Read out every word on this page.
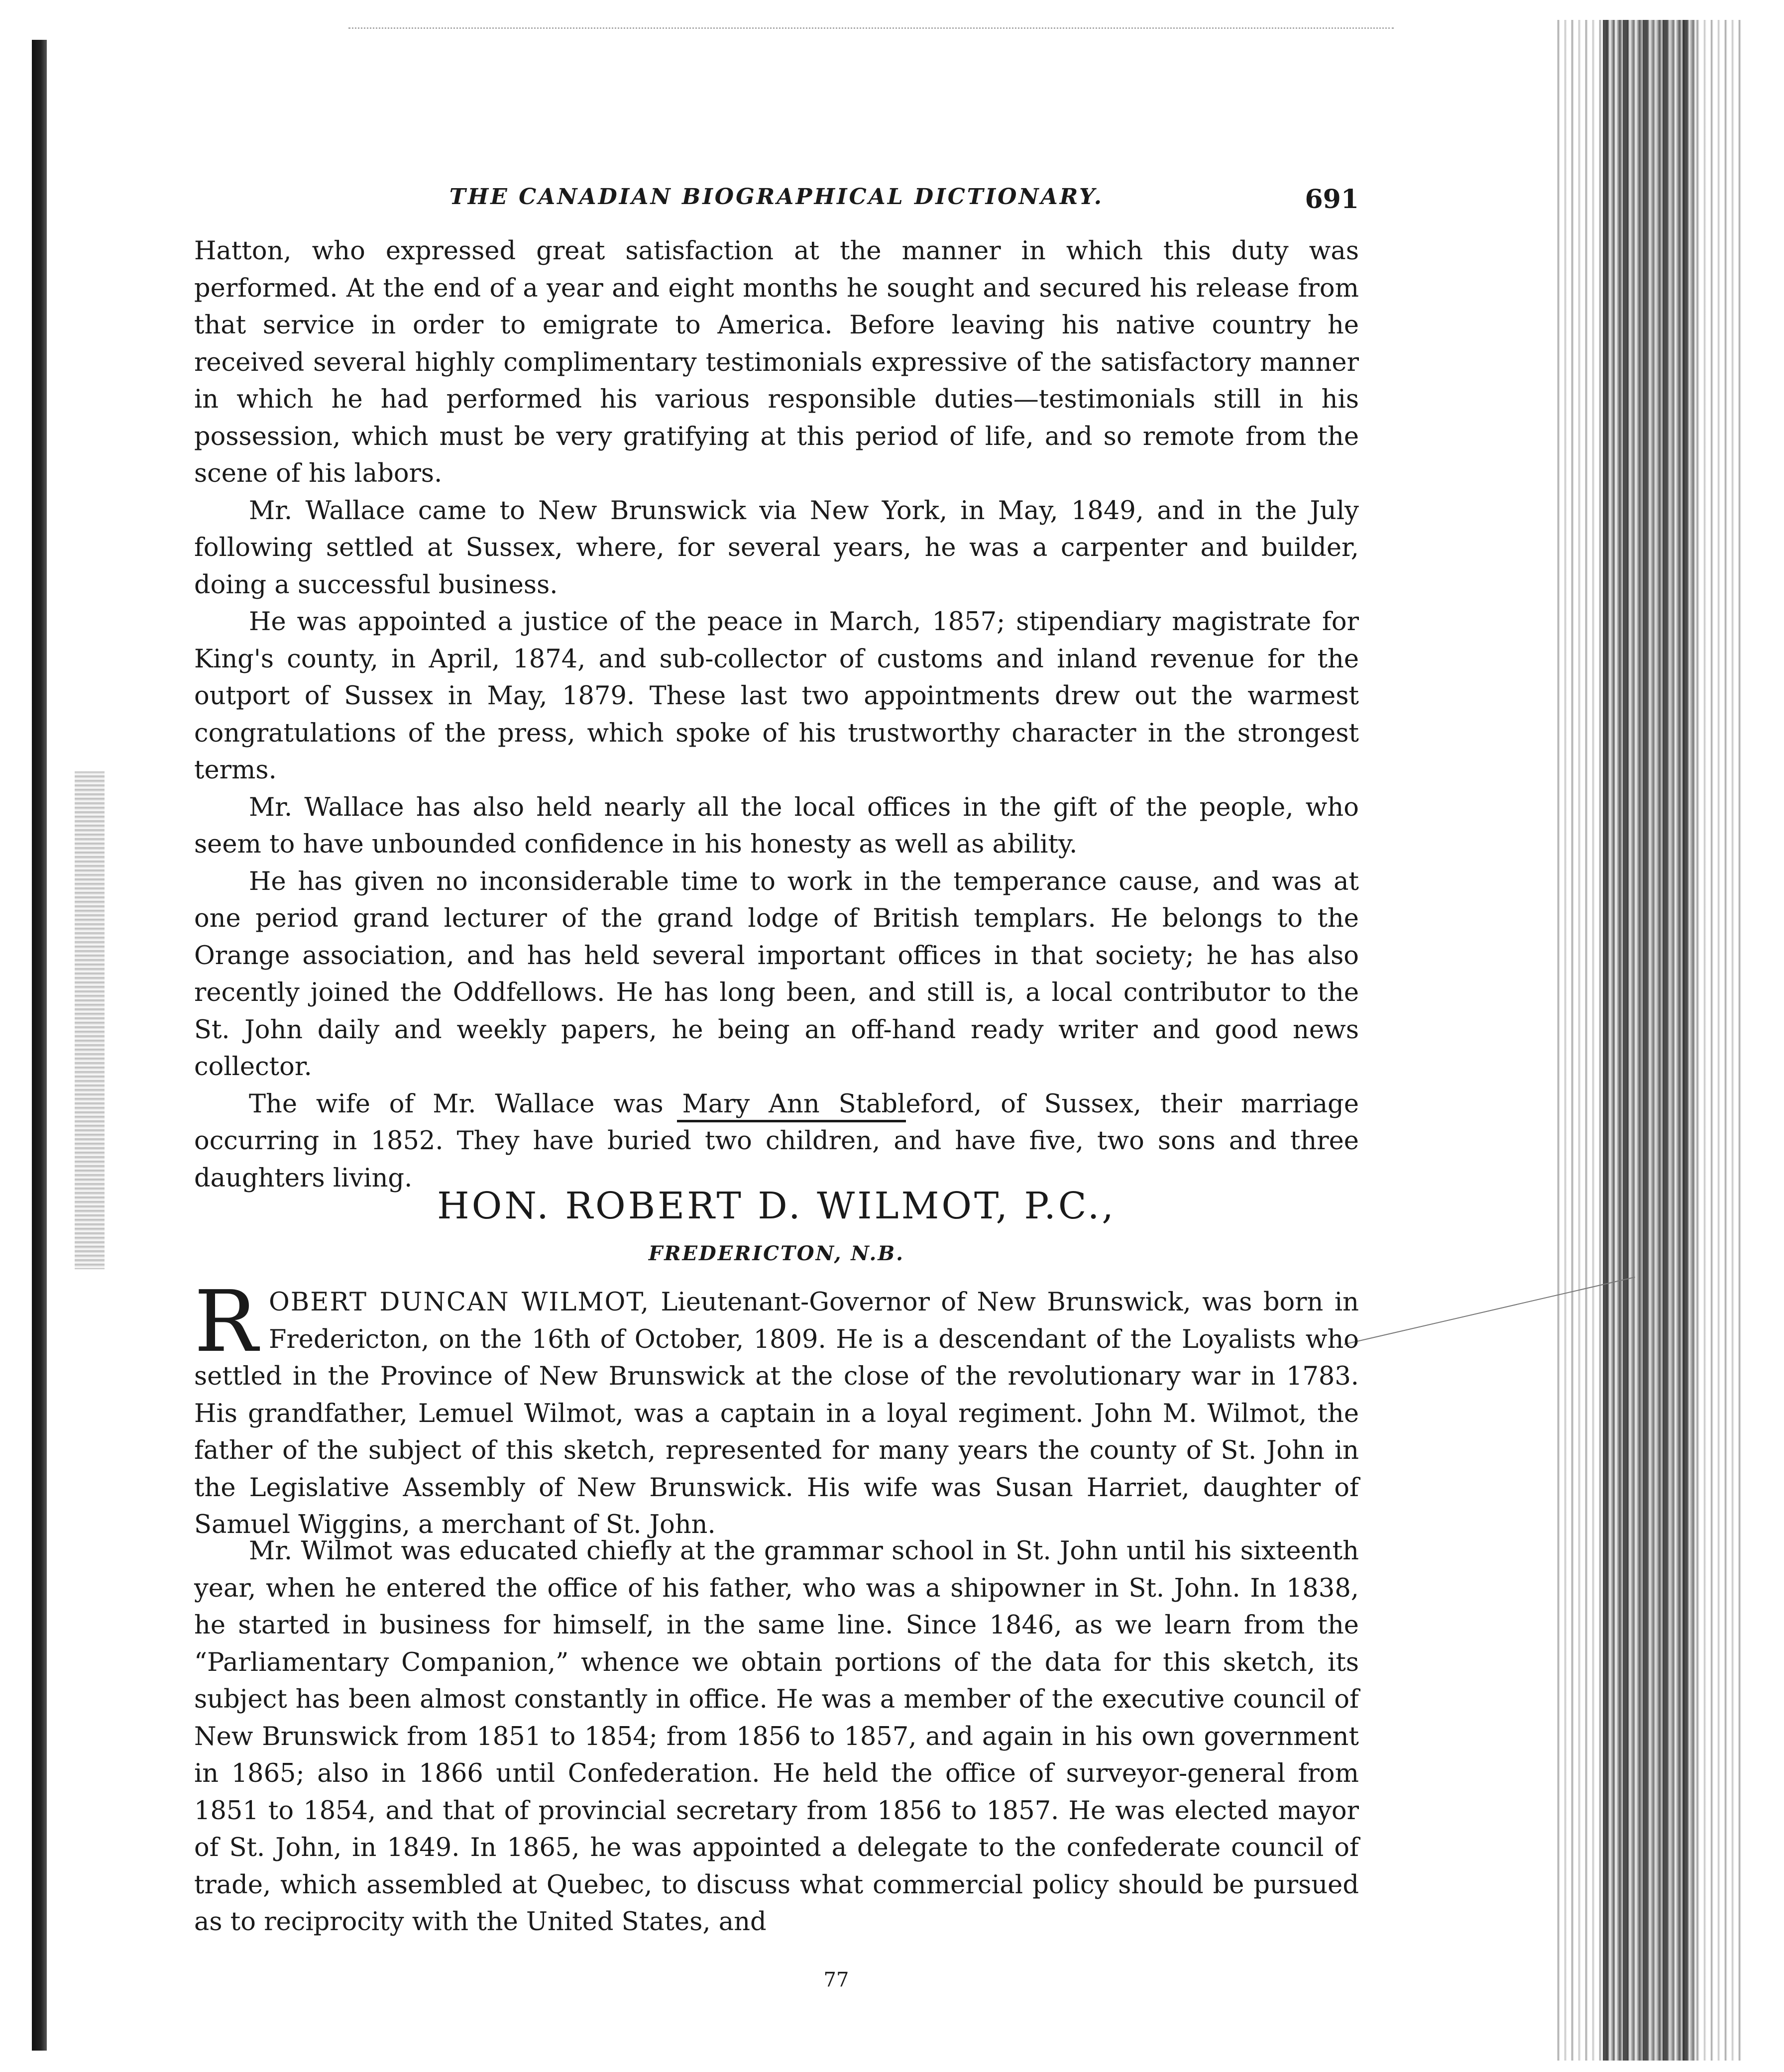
THE CANADIAN BIOGRAPHICAL DICTIONARY.	691

Hatton, who expressed great satisfaction at the manner in which this duty was performed. At the end of a year and eight months he sought and secured his release from that service in order to emigrate to America. Before leaving his native country he received several highly complimentary testimonials expressive of the satisfactory manner in which he had performed his various responsible duties—testimonials still in his possession, which must be very gratifying at this period of life, and so remote from the scene of his labors.

Mr. Wallace came to New Brunswick via New York, in May, 1849, and in the July following settled at Sussex, where, for several years, he was a carpenter and builder, doing a successful business.

He was appointed a justice of the peace in March, 1857; stipendiary magistrate for King's county, in April, 1874, and sub-collector of customs and inland revenue for the outport of Sussex in May, 1879. These last two appointments drew out the warmest congratulations of the press, which spoke of his trustworthy character in the strongest terms.

Mr. Wallace has also held nearly all the local offices in the gift of the people, who seem to have unbounded confidence in his honesty as well as ability.

He has given no inconsiderable time to work in the temperance cause, and was at one period grand lecturer of the grand lodge of British templars. He belongs to the Orange association, and has held several important offices in that society; he has also recently joined the Oddfellows. He has long been, and still is, a local contributor to the St. John daily and weekly papers, he being an off-hand ready writer and good news collector.

The wife of Mr. Wallace was Mary Ann Stableford, of Sussex, their marriage occurring in 1852. They have buried two children, and have five, two sons and three daughters living.

HON. ROBERT D. WILMOT, P.C.,
FREDERICTON, N.B.
R OBERT DUNCAN WILMOT, Lieutenant-Governor of New Brunswick, was born in Fredericton, on the 16th of October, 1809. He is a descendant of the Loyalists who settled in the Province of New Brunswick at the close of the revolutionary war in 1783. His grandfather, Lemuel Wilmot, was a captain in a loyal regiment. John M. Wilmot, the father of the subject of this sketch, represented for many years the county of St. John in the Legislative Assembly of New Brunswick. His wife was Susan Harriet, daughter of Samuel Wiggins, a merchant of St. John.

Mr. Wilmot was educated chiefly at the grammar school in St. John until his sixteenth year, when he entered the office of his father, who was a shipowner in St. John. In 1838, he started in business for himself, in the same line. Since 1846, as we learn from the “Parliamentary Companion,” whence we obtain portions of the data for this sketch, its subject has been almost constantly in office. He was a member of the executive council of New Brunswick from 1851 to 1854; from 1856 to 1857, and again in his own government in 1865; also in 1866 until Confederation. He held the office of surveyor-general from 1851 to 1854, and that of provincial secretary from 1856 to 1857. He was elected mayor of St. John, in 1849. In 1865, he was appointed a delegate to the confederate council of trade, which assembled at Quebec, to discuss what commercial policy should be pursued as to reciprocity with the United States, and

77
